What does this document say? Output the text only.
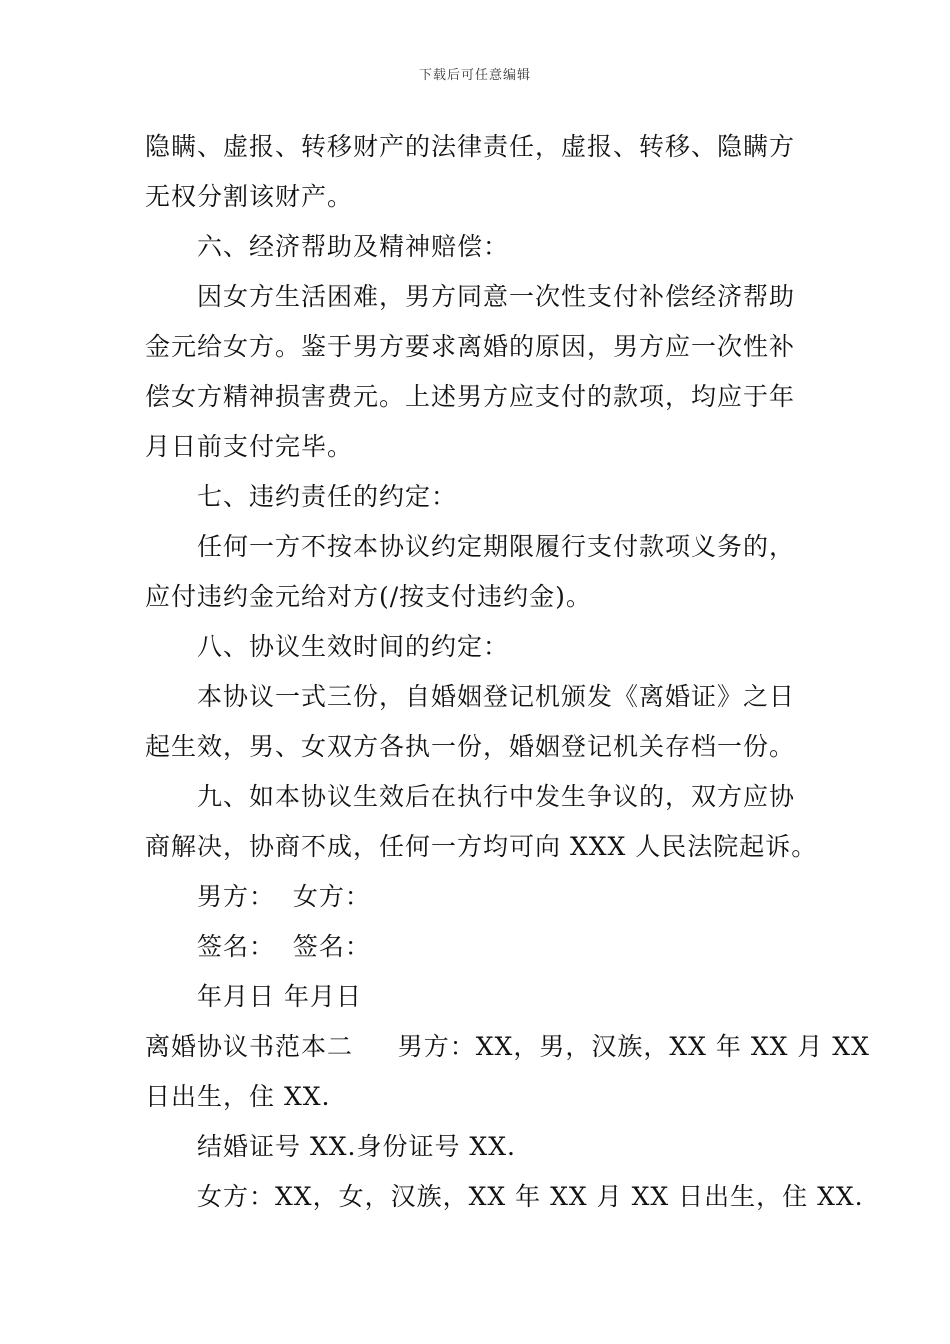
下载后可任意编辑

隐瞒、虚报、转移财产的法律责任，虚报、转移、隐瞒方

无权分割该财产。

六、经济帮助及精神赔偿：

因女方生活困难，男方同意一次性支付补偿经济帮助

金元给女方。鉴于男方要求离婚的原因，男方应一次性补

偿女方精神损害费元。上述男方应支付的款项，均应于年

月日前支付完毕。

七、违约责任的约定：

任何一方不按本协议约定期限履行支付款项义务的，

应付违约金元给对方(/按支付违约金)。

八、协议生效时间的约定：

本协议一式三份，自婚姻登记机颁发《离婚证》之日

起生效，男、女双方各执一份，婚姻登记机关存档一份。

九、如本协议生效后在执行中发生争议的，双方应协

商解决，协商不成，任何一方均可向 XXX 人民法院起诉。

男方：  女方：

签名：  签名：

年月日 年月日

离婚协议书范本二     男方：XX，男，汉族，XX 年 XX 月 XX

日出生，住 XX.

结婚证号 XX.身份证号 XX.

女方：XX，女，汉族，XX 年 XX 月 XX 日出生，住 XX.
